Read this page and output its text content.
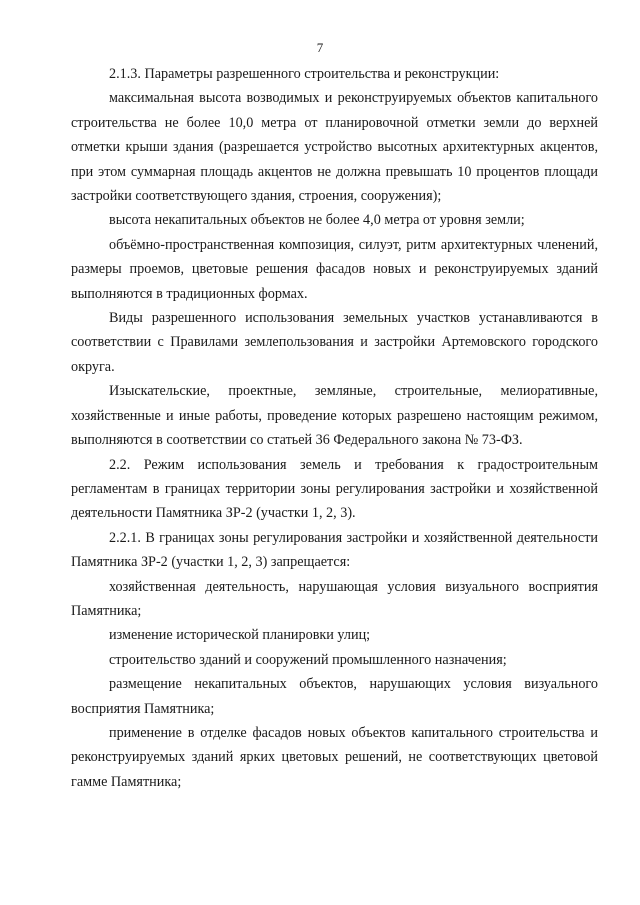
7

2.1.3. Параметры разрешенного строительства и реконструкции:

максимальная высота возводимых и реконструируемых объектов капитального строительства не более 10,0 метра от планировочной отметки земли до верхней отметки крыши здания (разрешается устройство высотных архитектурных акцентов, при этом суммарная площадь акцентов не должна превышать 10 процентов площади застройки соответствующего здания, строения, сооружения);

высота некапитальных объектов не более 4,0 метра от уровня земли;

объёмно-пространственная композиция, силуэт, ритм архитектурных членений, размеры проемов, цветовые решения фасадов новых и реконструируемых зданий выполняются в традиционных формах.

Виды разрешенного использования земельных участков устанавливаются в соответствии с Правилами землепользования и застройки Артемовского городского округа.

Изыскательские, проектные, земляные, строительные, мелиоративные, хозяйственные и иные работы, проведение которых разрешено настоящим режимом, выполняются в соответствии со статьей 36 Федерального закона № 73-ФЗ.

2.2. Режим использования земель и требования к градостроительным регламентам в границах территории зоны регулирования застройки и хозяйственной деятельности Памятника ЗР-2 (участки 1, 2, 3).

2.2.1. В границах зоны регулирования застройки и хозяйственной деятельности Памятника ЗР-2 (участки 1, 2, 3) запрещается:

хозяйственная деятельность, нарушающая условия визуального восприятия Памятника;

изменение исторической планировки улиц;

строительство зданий и сооружений промышленного назначения;

размещение некапитальных объектов, нарушающих условия визуального восприятия Памятника;

применение в отделке фасадов новых объектов капитального строительства и реконструируемых зданий ярких цветовых решений, не соответствующих цветовой гамме Памятника;
